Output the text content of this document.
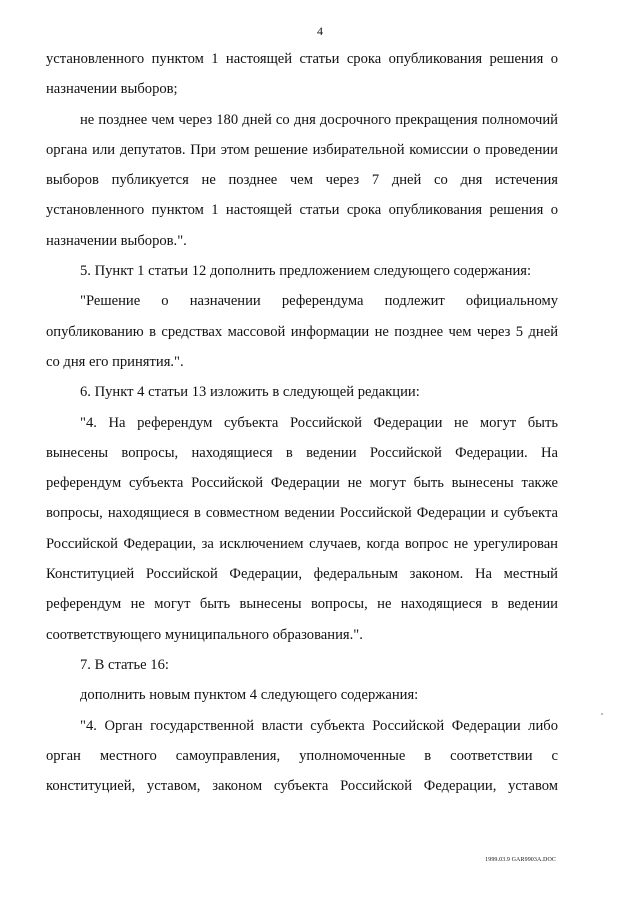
4

установленного пунктом 1 настоящей статьи срока опубликования решения о назначении выборов;

не позднее чем через 180 дней со дня досрочного прекращения полномочий органа или депутатов. При этом решение избирательной комиссии о проведении выборов публикуется не позднее чем через 7 дней со дня истечения установленного пунктом 1 настоящей статьи срока опубликования решения о назначении выборов.".

5. Пункт 1 статьи 12 дополнить предложением следующего содержания:

"Решение о назначении референдума подлежит официальному опубликованию в средствах массовой информации не позднее чем через 5 дней со дня его принятия.".

6. Пункт 4 статьи 13 изложить в следующей редакции:

"4. На референдум субъекта Российской Федерации не могут быть вынесены вопросы, находящиеся в ведении Российской Федерации. На референдум субъекта Российской Федерации не могут быть вынесены также вопросы, находящиеся в совместном ведении Российской Федерации и субъекта Российской Федерации, за исключением случаев, когда вопрос не урегулирован Конституцией Российской Федерации, федеральным законом. На местный референдум не могут быть вынесены вопросы, не находящиеся в ведении соответствующего муниципального образования.".

7. В статье 16:

дополнить новым пунктом 4 следующего содержания:

"4. Орган государственной власти субъекта Российской Федерации либо орган местного самоуправления, уполномоченные в соответствии с конституцией, уставом, законом субъекта Российской Федерации, уставом

1999.03.9 GAR9903A.DOC
